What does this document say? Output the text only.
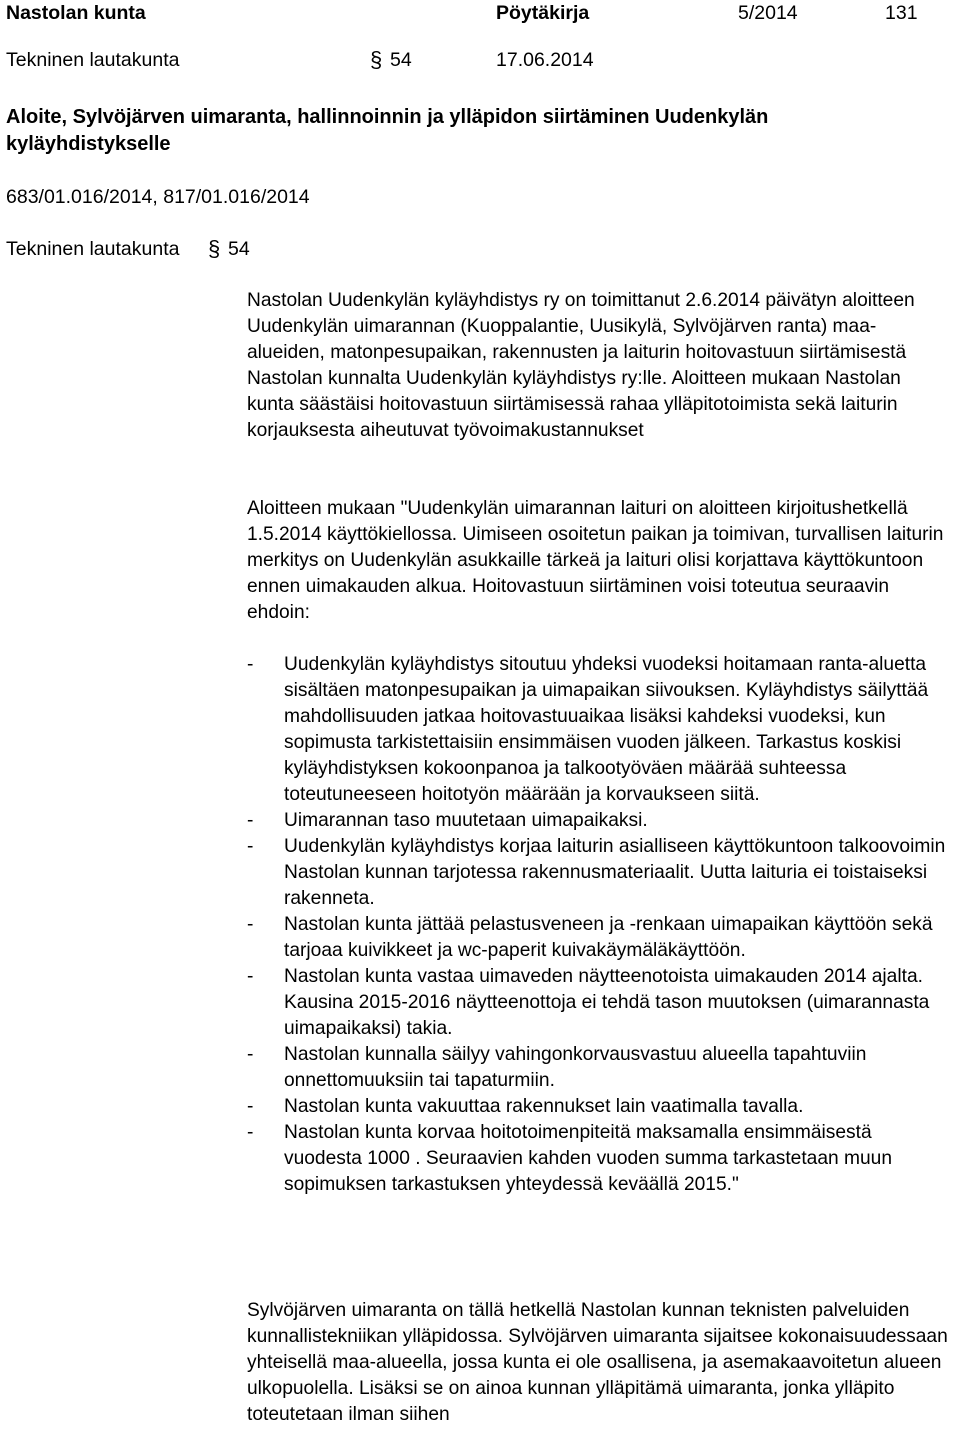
Nastolan kunta	Pöytäkirja	5/2014	131
Tekninen lautakunta	§ 54	17.06.2014
Aloite, Sylvöjärven uimaranta, hallinnoinnin ja ylläpidon siirtäminen Uudenkylän kyläyhdistykselle
683/01.016/2014, 817/01.016/2014
Tekninen lautakunta § 54

Nastolan Uudenkylän kyläyhdistys ry on toimittanut 2.6.2014 päivätyn aloitteen Uudenkylän uimarannan (Kuoppalantie, Uusikylä, Sylvöjärven ranta) maa-alueiden, matonpesupaikan, rakennusten ja laiturin hoitovastuun siirtämisestä Nastolan kunnalta Uudenkylän kyläyhdistys ry:lle. Aloitteen mukaan Nastolan kunta säästäisi hoitovastuun siirtämisessä rahaa ylläpitotoimista sekä laiturin korjauksesta aiheutuvat työvoimakustannukset

Aloitteen mukaan "Uudenkylän uimarannan laituri on aloitteen kirjoitushetkellä 1.5.2014 käyttökiellossa. Uimiseen osoitetun paikan ja toimivan, turvallisen laiturin merkitys on Uudenkylän asukkaille tärkeä ja laituri olisi korjattava käyttökuntoon ennen uimakauden alkua. Hoitovastuun siirtäminen voisi toteutua seuraavin ehdoin:

- Uudenkylän kyläyhdistys sitoutuu yhdeksi vuodeksi hoitamaan ranta-aluetta sisältäen matonpesupaikan ja uimapaikan siivouksen. Kyläyhdistys säilyttää mahdollisuuden jatkaa hoitovastuuaikaa lisäksi kahdeksi vuodeksi, kun sopimusta tarkistettaisiin ensimmäisen vuoden jälkeen. Tarkastus koskisi kyläyhdistyksen kokoonpanoa ja talkootyöväen määrää suhteessa toteutuneeseen hoitotyön määrään ja korvaukseen siitä.
- Uimarannan taso muutetaan uimapaikaksi.
- Uudenkylän kyläyhdistys korjaa laiturin asialliseen käyttökuntoon talkoovoimin Nastolan kunnan tarjotessa rakennusmateriaalit. Uutta laituria ei toistaiseksi rakenneta.
- Nastolan kunta jättää pelastusveneen ja -renkaan uimapaikan käyttöön sekä tarjoaa kuivikkeet ja wc-paperit kuivakäymäläkäyttöön.
- Nastolan kunta vastaa uimaveden näytteenotoista uimakauden 2014 ajalta. Kausina 2015-2016 näytteenottoja ei tehdä tason muutoksen (uimarannasta uimapaikaksi) takia.
- Nastolan kunnalla säilyy vahingonkorvausvastuu alueella tapahtuviin onnettomuuksiin tai tapaturmiin.
- Nastolan kunta vakuuttaa rakennukset lain vaatimalla tavalla.
- Nastolan kunta korvaa hoitotoimenpiteitä maksamalla ensimmäisestä vuodesta 1000 . Seuraavien kahden vuoden summa tarkastetaan muun sopimuksen tarkastuksen yhteydessä keväällä 2015."

Sylvöjärven uimaranta on tällä hetkellä Nastolan kunnan teknisten palveluiden kunnallistekniikan ylläpidossa. Sylvöjärven uimaranta sijaitsee kokonaisuudessaan yhteisellä maa-alueella, jossa kunta ei ole osallisena, ja asemakaavoitetun alueen ulkopuolella. Lisäksi se on ainoa kunnan ylläpitämä uimaranta, jonka ylläpito toteutetaan ilman siihen
